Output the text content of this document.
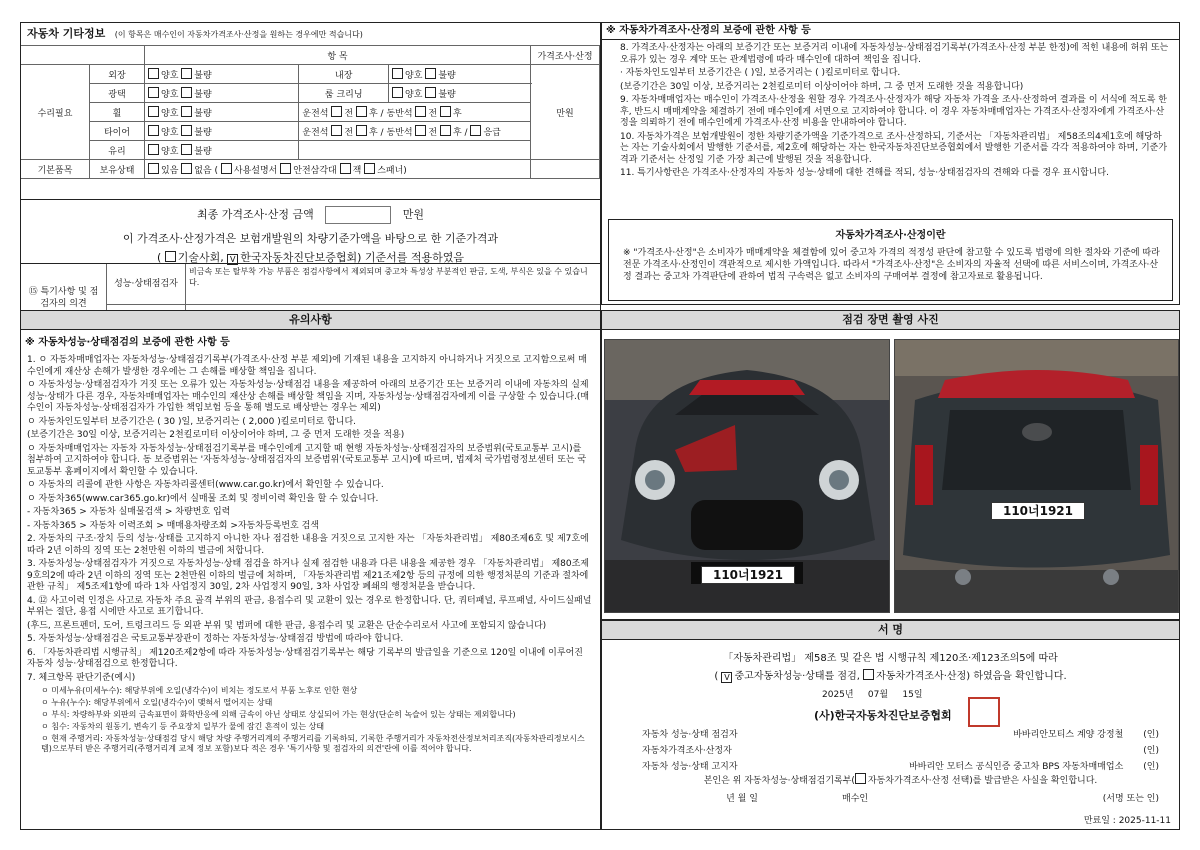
자동차 기타정보 (이 항목은 매수인이 자동차가격조사·산정을 원하는 경우에만 적습니다)
		항 목			가격조사·산정
수리필요	외장	양호 불량	내장	양호 불량	만원
	광택	양호 불량	룸 크리닝	양호 불량	
	휠	양호 불량	운전석 전 후 / 동반석 전 후		
	타이어	양호 불량	운전석 전 후 / 동반석 전 후 / 응급		
	유리	양호 불량			
기본품목	보유상태	있음 없음 ( 사용설명서 안전삼각대 잭 스패너)			
최종 가격조사·산정 금액	만원
이 가격조사·산정가격은 보험개발원의 차량기준가액을 바탕으로 한 기준가격과
( 기술사회, V 한국자동차진단보증협회) 기준서를 적용하였음
⑮ 특기사항 및 점검자의 의견
성능·상태점검자
비금속 또는 탈부착 가능 부품은 점검사항에서 제외되며 중고차 특성상 부분적인 판금, 도색, 부식은 있을 수 있습니다.
※ 자동차가격조사·산정의 보증에 관한 사항 등

8. 가격조사·산정자는 아래의 보증기간 또는 보증거리 이내에 자동차성능·상태점검기록부(가격조사·산정 부분 한정)에 적힌 내용에 허위 또는 오류가 있는 경우 계약 또는 관계법령에 따라 매수인에 대하여 책임을 집니다.

· 자동차인도일부터 보증기간은 ( )일, 보증거리는 ( )킬로미터로 합니다.

(보증기간은 30일 이상, 보증거리는 2천킬로미터 이상이어야 하며, 그 중 먼저 도래한 것을 적용합니다)

9. 자동차매매업자는 매수인이 가격조사·산정을 원할 경우 가격조사·산정자가 해당 자동차 가격을 조사·산정하여 결과를 이 서식에 적도록 한 후, 반드시 매매계약을 체결하기 전에 매수인에게 서면으로 고지하여야 합니다. 이 경우 자동차매매업자는 가격조사·산정자에게 가격조사·산정을 의뢰하기 전에 매수인에게 가격조사·산정 비용을 안내하여야 합니다.

10. 자동차가격은 보험개발원이 정한 차량기준가액을 기준가격으로 조사·산정하되, 기준서는 「자동차관리법」 제58조의4제1호에 해당하는 자는 기술사회에서 발행한 기준서를, 제2호에 해당하는 자는 한국자동차진단보증협회에서 발행한 기준서를 각각 적용하여야 하며, 기준가격과 기준서는 산정일 기준 가장 최근에 발행된 것을 적용합니다.

11. 특기사항란은 가격조사·산정자의 자동차 성능·상태에 대한 견해를 적되, 성능·상태점검자의 견해와 다를 경우 표시합니다.

자동차가격조사·산정이란
※ "가격조사·산정"은 소비자가 매매계약을 체결함에 있어 중고차 가격의 적정성 판단에 참고할 수 있도록 법령에 의한 절차와 기준에 따라 전문 가격조사·산정인이 객관적으로 제시한 가액입니다. 따라서 "가격조사·산정"은 소비자의 자율적 선택에 따른 서비스이며, 가격조사·산정 결과는 중고차 가격판단에 관하여 법적 구속력은 없고 소비자의 구매여부 결정에 참고자료로 활용됩니다.
유의사항
※ 자동차성능·상태점검의 보증에 관한 사항 등

1. ㅇ 자동차매매업자는 자동차성능·상태점검기록부(가격조사·산정 부분 제외)에 기재된 내용을 고지하지 아니하거나 거짓으로 고지함으로써 매수인에게 재산상 손해가 발생한 경우에는 그 손해를 배상할 책임을 집니다.

ㅇ 자동차성능·상태점검자가 거짓 또는 오류가 있는 자동차성능·상태점검 내용을 제공하여 아래의 보증기간 또는 보증거리 이내에 자동차의 실제 성능·상태가 다른 경우, 자동차매매업자는 매수인의 재산상 손해를 배상할 책임을 지며, 자동차성능·상태점검자에게 이를 구상할 수 있습니다.(매수인이 자동차성능·상태점검자가 가입한 책임보험 등을 통해 별도로 배상받는 경우는 제외)

ㅇ 자동차인도일부터 보증기간은 ( 30 )일, 보증거리는 ( 2,000 )킬로미터로 합니다.

(보증기간은 30일 이상, 보증거리는 2천킬로미터 이상이어야 하며, 그 중 먼저 도래한 것을 적용)

ㅇ 자동차매매업자는 자동차 자동차성능·상태점검기록부를 매수인에게 고지할 때 현행 자동차성능·상태점검자의 보증범위(국토교통부 고시)를 첨부하여 고지하여야 합니다. 동 보증범위는 '자동차성능·상태점검자의 보증범위'(국토교통부 고시)에 따르며, 법제처 국가법령정보센터 또는 국토교통부 홈페이지에서 확인할 수 있습니다.

ㅇ 자동차의 리콜에 관한 사항은 자동차리콜센터(www.car.go.kr)에서 확인할 수 있습니다.

ㅇ 자동차365(www.car365.go.kr)에서 실매물 조회 및 정비이력 확인을 할 수 있습니다.

- 자동차365 > 자동차 실매물검색 > 차량번호 입력

- 자동차365 > 자동차 이력조회 > 매매용차량조회 >자동차등록번호 검색

2. 자동차의 구조·장치 등의 성능·상태를 고지하지 아니한 자나 점검한 내용을 거짓으로 고지한 자는 「자동차관리법」 제80조제6호 및 제7호에 따라 2년 이하의 징역 또는 2천만원 이하의 벌금에 처합니다.

3. 자동차성능·상태점검자가 거짓으로 자동차성능·상태 점검을 하거나 실제 점검한 내용과 다른 내용을 제공한 경우 「자동차관리법」 제80조제9호의2에 따라 2년 이하의 징역 또는 2천만원 이하의 벌금에 처하며, 「자동차관리법 제21조제2항 등의 규정에 의한 행정처분의 기준과 절차에 관한 규칙」 제5조제1항에 따라 1차 사업정지 30일, 2차 사업정지 90일, 3차 사업장 폐쇄의 행정처분을 받습니다.

4. ⑫ 사고이력 인정은 사고로 자동차 주요 골격 부위의 판금, 용접수리 및 교환이 있는 경우로 한정합니다. 단, 쿼터패널, 루프패널, 사이드실패널 부위는 절단, 용접 시에만 사고로 표기합니다.

(후드, 프론트펜더, 도어, 트렁크리드 등 외판 부위 및 범퍼에 대한 판금, 용접수리 및 교환은 단순수리로서 사고에 포함되지 않습니다)

5. 자동차성능·상태점검은 국토교통부장관이 정하는 자동차성능·상태점검 방법에 따라야 합니다.

6. 「자동차관리법 시행규칙」 제120조제2항에 따라 자동차성능·상태점검기록부는 해당 기록부의 발급일을 기준으로 120일 이내에 이루어진 자동차 성능·상태점검으로 한정합니다.

7. 체크항목 판단기준(예시)

ㅇ 미세누유(미세누수): 해당부위에 오일(냉각수)이 비치는 정도로서 부품 노후로 인한 현상

ㅇ 누유(누수): 해당부위에서 오일(냉각수)이 맺혀서 떨어지는 상태

ㅇ 부식: 차량하부와 외판의 금속표면이 화학반응에 의해 금속이 아닌 상태로 상실되어 가는 현상(단순히 녹슬어 있는 상태는 제외합니다)

ㅇ 침수: 자동차의 원동기, 변속기 등 주요장치 일부가 물에 잠긴 흔적이 있는 상태

ㅇ 현재 주행거리: 자동차성능·상태점검 당시 해당 차량 주행거리계의 주행거리를 기록하되, 기록한 주행거리가 자동차전산정보처리조직(자동차관리정보시스템)으로부터 받은 주행거리(주행거리계 교체 정보 포함)보다 적은 경우 '특기사항 및 점검자의 의견'란에 이를 적어야 합니다.

점검 장면 촬영 사진
110너1921
110너1921
서 명
「자동차관리법」 제58조 및 같은 법 시행규칙 제120조·제123조의5에 따라
( V 중고자동차성능·상태를 점검, 자동차가격조사·산정) 하였음을 확인합니다.
2025년 07월 15일
(사)한국자동차진단보증협회
자동차 성능·상태 점검자	바바리안모티스 계양 강정철	(인)
자동차가격조사·산정자	(인)
자동차 성능·상태 고지자	바바리안 모터스 공식인증 중고차 BPS 자동차매매업소	(인)
본인은 위 자동차성능·상태점검기록부( 자동차가격조사·산정 선택)를 발급받은 사실을 확인합니다.
년 월 일	매수인	(서명 또는 인)
만료일 : 2025-11-11
